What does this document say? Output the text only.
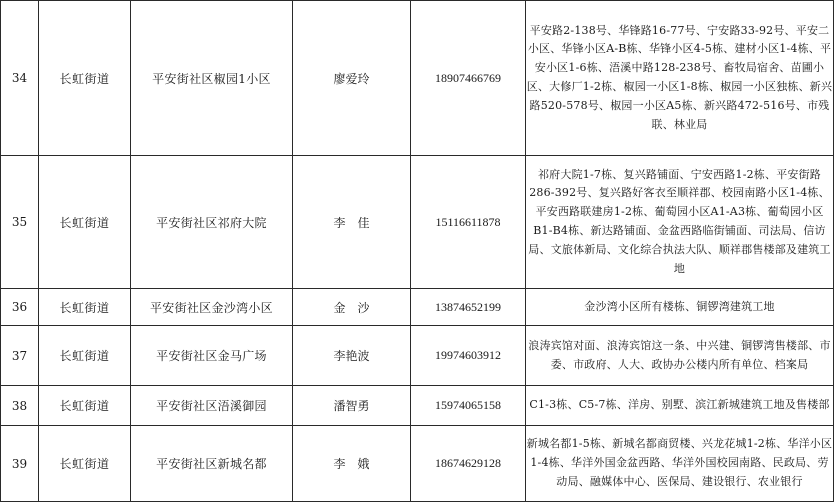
34	长虹街道	平安街社区椒园1小区	廖爱玲	18907466769	平安路2-138号、华锋路16-77号、宁安路33-92号、平安二小区、华锋小区A-B栋、华锋小区4-5栋、建材小区1-4栋、平安小区1-6栋、浯溪中路128-238号、畜牧局宿舍、苗圃小区、大修厂1-2栋、椒园一小区1-8栋、椒园一小区独栋、新兴路520-578号、椒园一小区A5栋、新兴路472-516号、市残联、林业局
35	长虹街道	平安街社区祁府大院	李　佳	15116611878	祁府大院1-7栋、复兴路铺面、宁安西路1-2栋、平安街路286-392号、复兴路好客衣至顺祥郡、校园南路小区1-4栋、平安西路联建房1-2栋、葡萄园小区A1-A3栋、葡萄园小区B1-B4栋、新达路铺面、金盆西路临街铺面、司法局、信访局、文旅体新局、文化综合执法大队、顺祥郡售楼部及建筑工地
36	长虹街道	平安街社区金沙湾小区	金　沙	13874652199	金沙湾小区所有楼栋、铜锣湾建筑工地
37	长虹街道	平安街社区金马广场	李艳波	19974603912	浪涛宾馆对面、浪涛宾馆这一条、中兴建、铜锣湾售楼部、市委、市政府、人大、政协办公楼内所有单位、档案局
38	长虹街道	平安街社区浯溪御园	潘智勇	15974065158	C1-3栋、C5-7栋、洋房、别墅、滨江新城建筑工地及售楼部
39	长虹街道	平安街社区新城名都	李　娥	18674629128	新城名都1-5栋、新城名都商贸楼、兴龙花城1-2栋、华洋小区1-4栋、华洋外国金盆西路、华洋外国校园南路、民政局、劳动局、融媒体中心、医保局、建设银行、农业银行
